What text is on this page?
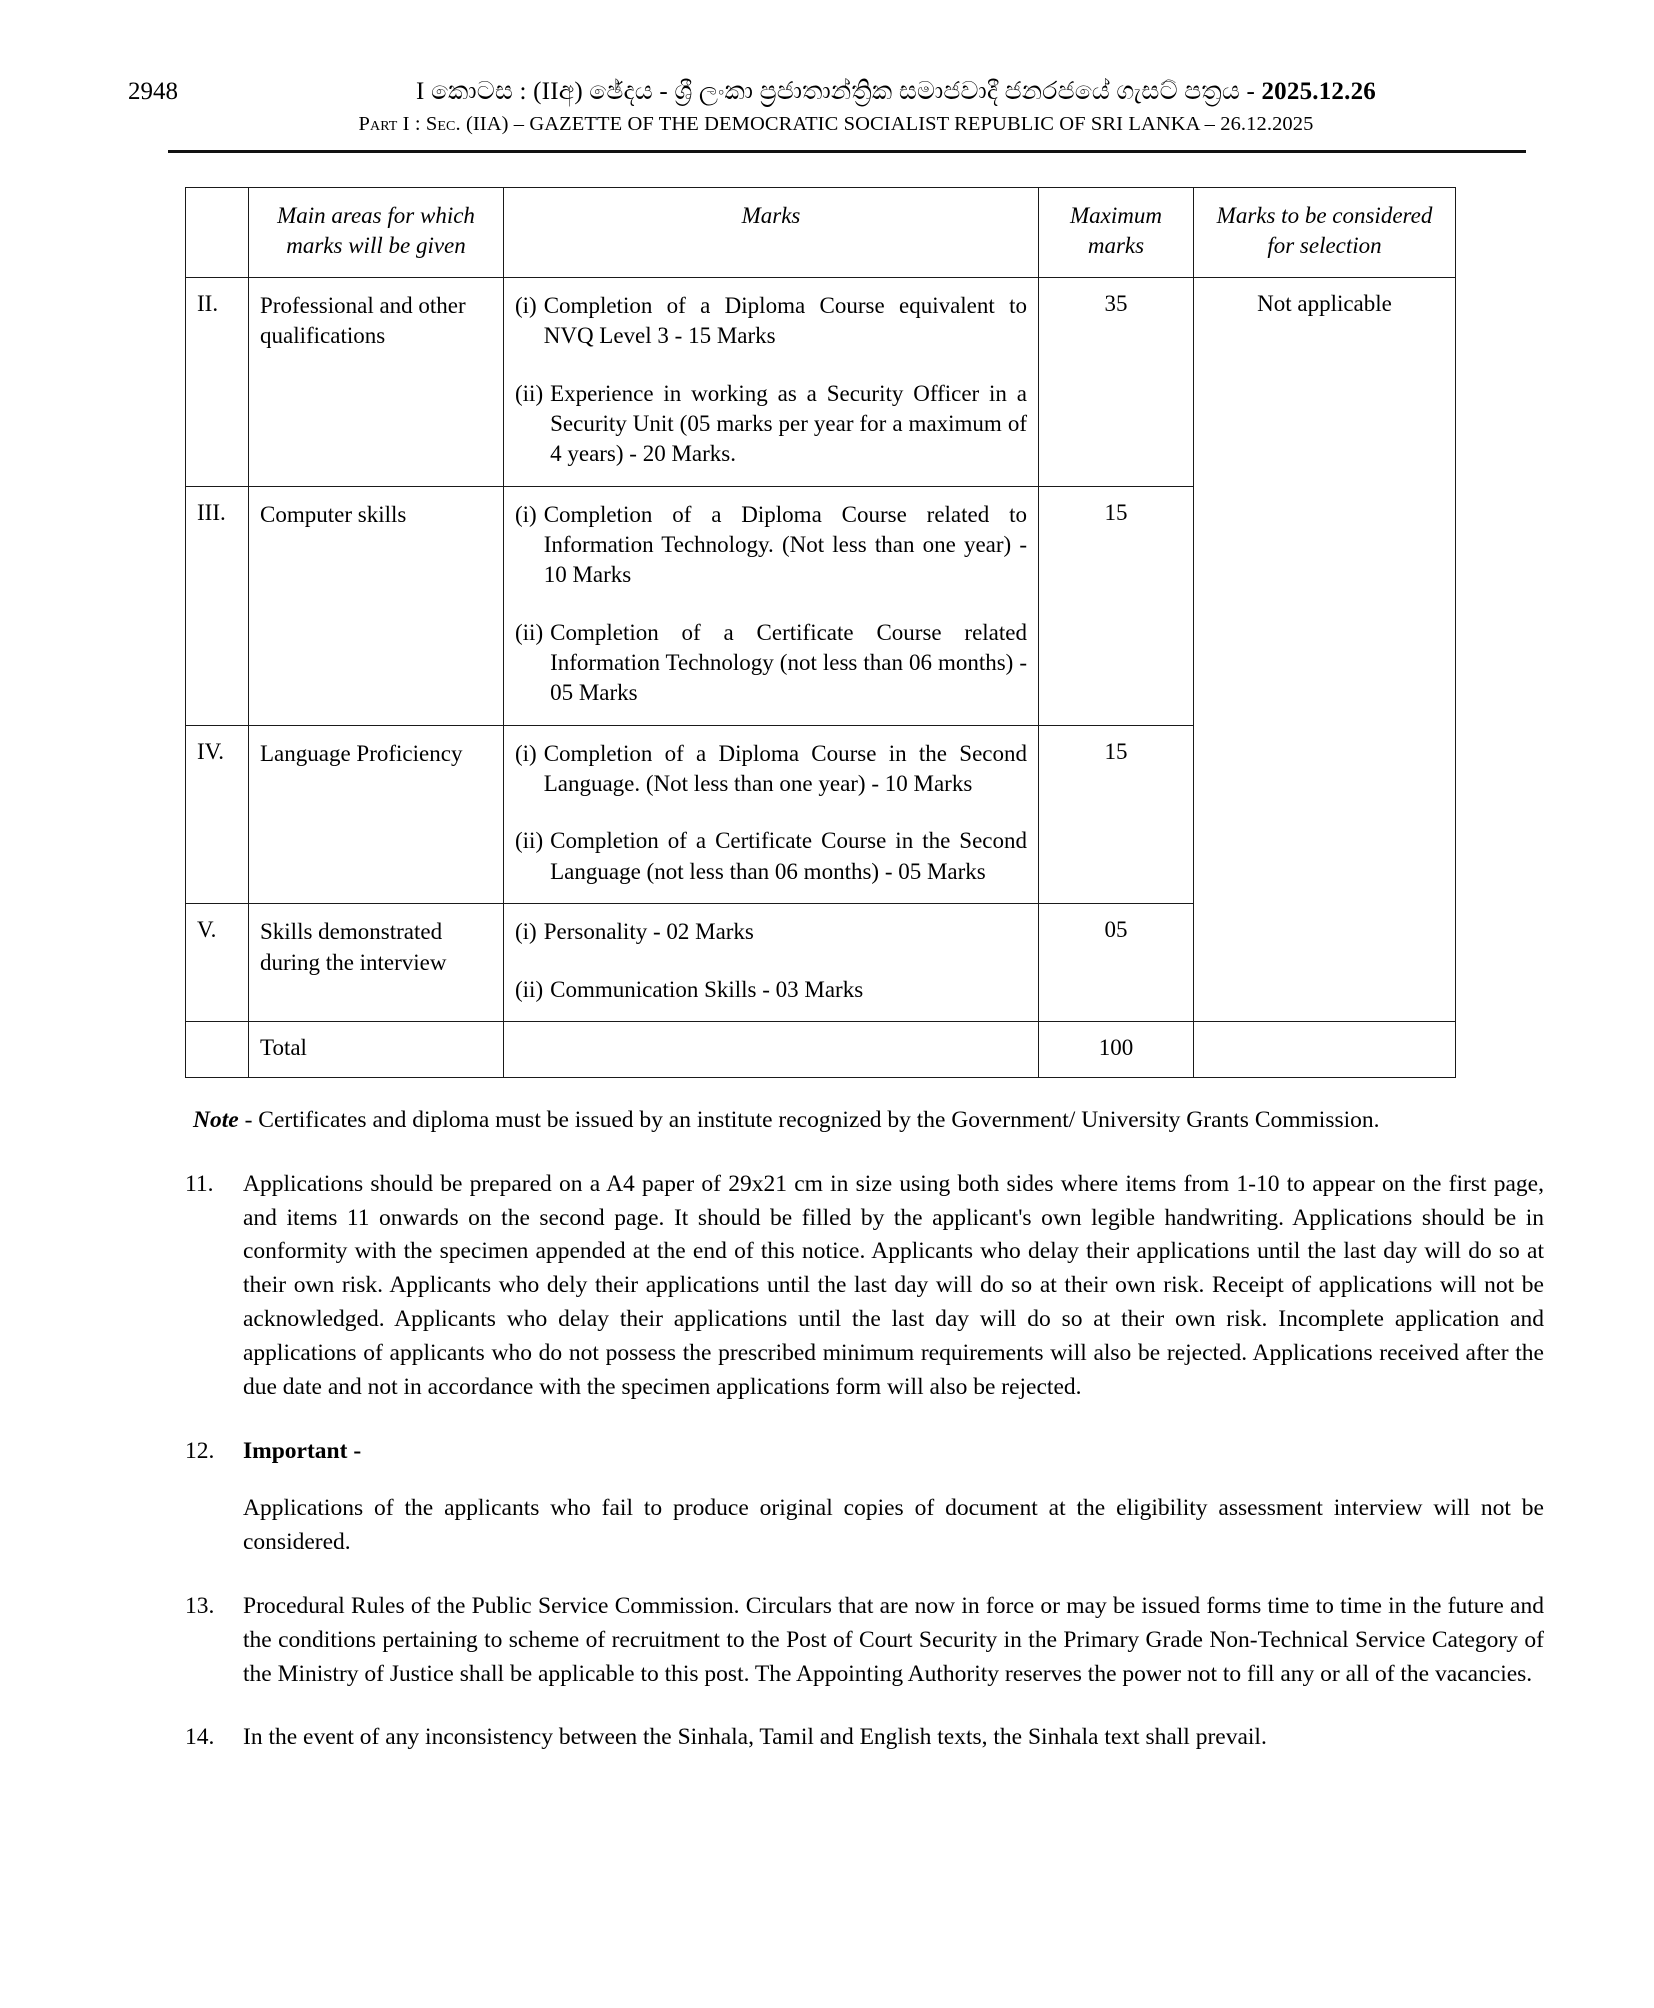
2948	I කොටස : (IIඅ) ඡේදය - ශ්‍රී ලංකා ප්‍රජාතාන්ත්‍රික සමාජවාදී ජනරජයේ ගැසට් පත්‍රය - 2025.12.26
Part I : Sec. (IIA) – GAZETTE OF THE DEMOCRATIC SOCIALIST REPUBLIC OF SRI LANKA – 26.12.2025
	Main areas for which marks will be given	Marks	Maximum marks	Marks to be considered for selection
II.	Professional and other qualifications	(i) Completion of a Diploma Course equivalent to NVQ Level 3 - 15 Marks
(ii) Experience in working as a Security Officer in a Security Unit (05 marks per year for a maximum of 4 years) - 20 Marks.	35	Not applicable
III.	Computer skills	(i) Completion of a Diploma Course related to Information Technology. (Not less than one year) - 10 Marks
(ii) Completion of a Certificate Course related Information Technology (not less than 06 months) - 05 Marks	15	
IV.	Language Proficiency	(i) Completion of a Diploma Course in the Second Language. (Not less than one year) - 10 Marks
(ii) Completion of a Certificate Course in the Second Language (not less than 06 months) - 05 Marks	15	
V.	Skills demonstrated during the interview	(i) Personality - 02 Marks
(ii) Communication Skills - 03 Marks	05	
	Total		100	
Note - Certificates and diploma must be issued by an institute recognized by the Government/ University Grants Commission.
11.	Applications should be prepared on a A4 paper of 29x21 cm in size using both sides where items from 1-10 to appear on the first page, and items 11 onwards on the second page. It should be filled by the applicant's own legible handwriting. Applications should be in conformity with the specimen appended at the end of this notice. Applicants who delay their applications until the last day will do so at their own risk. Applicants who dely their applications until the last day will do so at their own risk. Receipt of applications will not be acknowledged. Applicants who delay their applications until the last day will do so at their own risk. Incomplete application and applications of applicants who do not possess the prescribed minimum requirements will also be rejected. Applications received after the due date and not in accordance with the specimen applications form will also be rejected.
12.	Important -
Applications of the applicants who fail to produce original copies of document at the eligibility assessment interview will not be considered.
13.	Procedural Rules of the Public Service Commission. Circulars that are now in force or may be issued forms time to time in the future and the conditions pertaining to scheme of recruitment to the Post of Court Security in the Primary Grade Non-Technical Service Category of the Ministry of Justice shall be applicable to this post. The Appointing Authority reserves the power not to fill any or all of the vacancies.
14.	In the event of any inconsistency between the Sinhala, Tamil and English texts, the Sinhala text shall prevail.
